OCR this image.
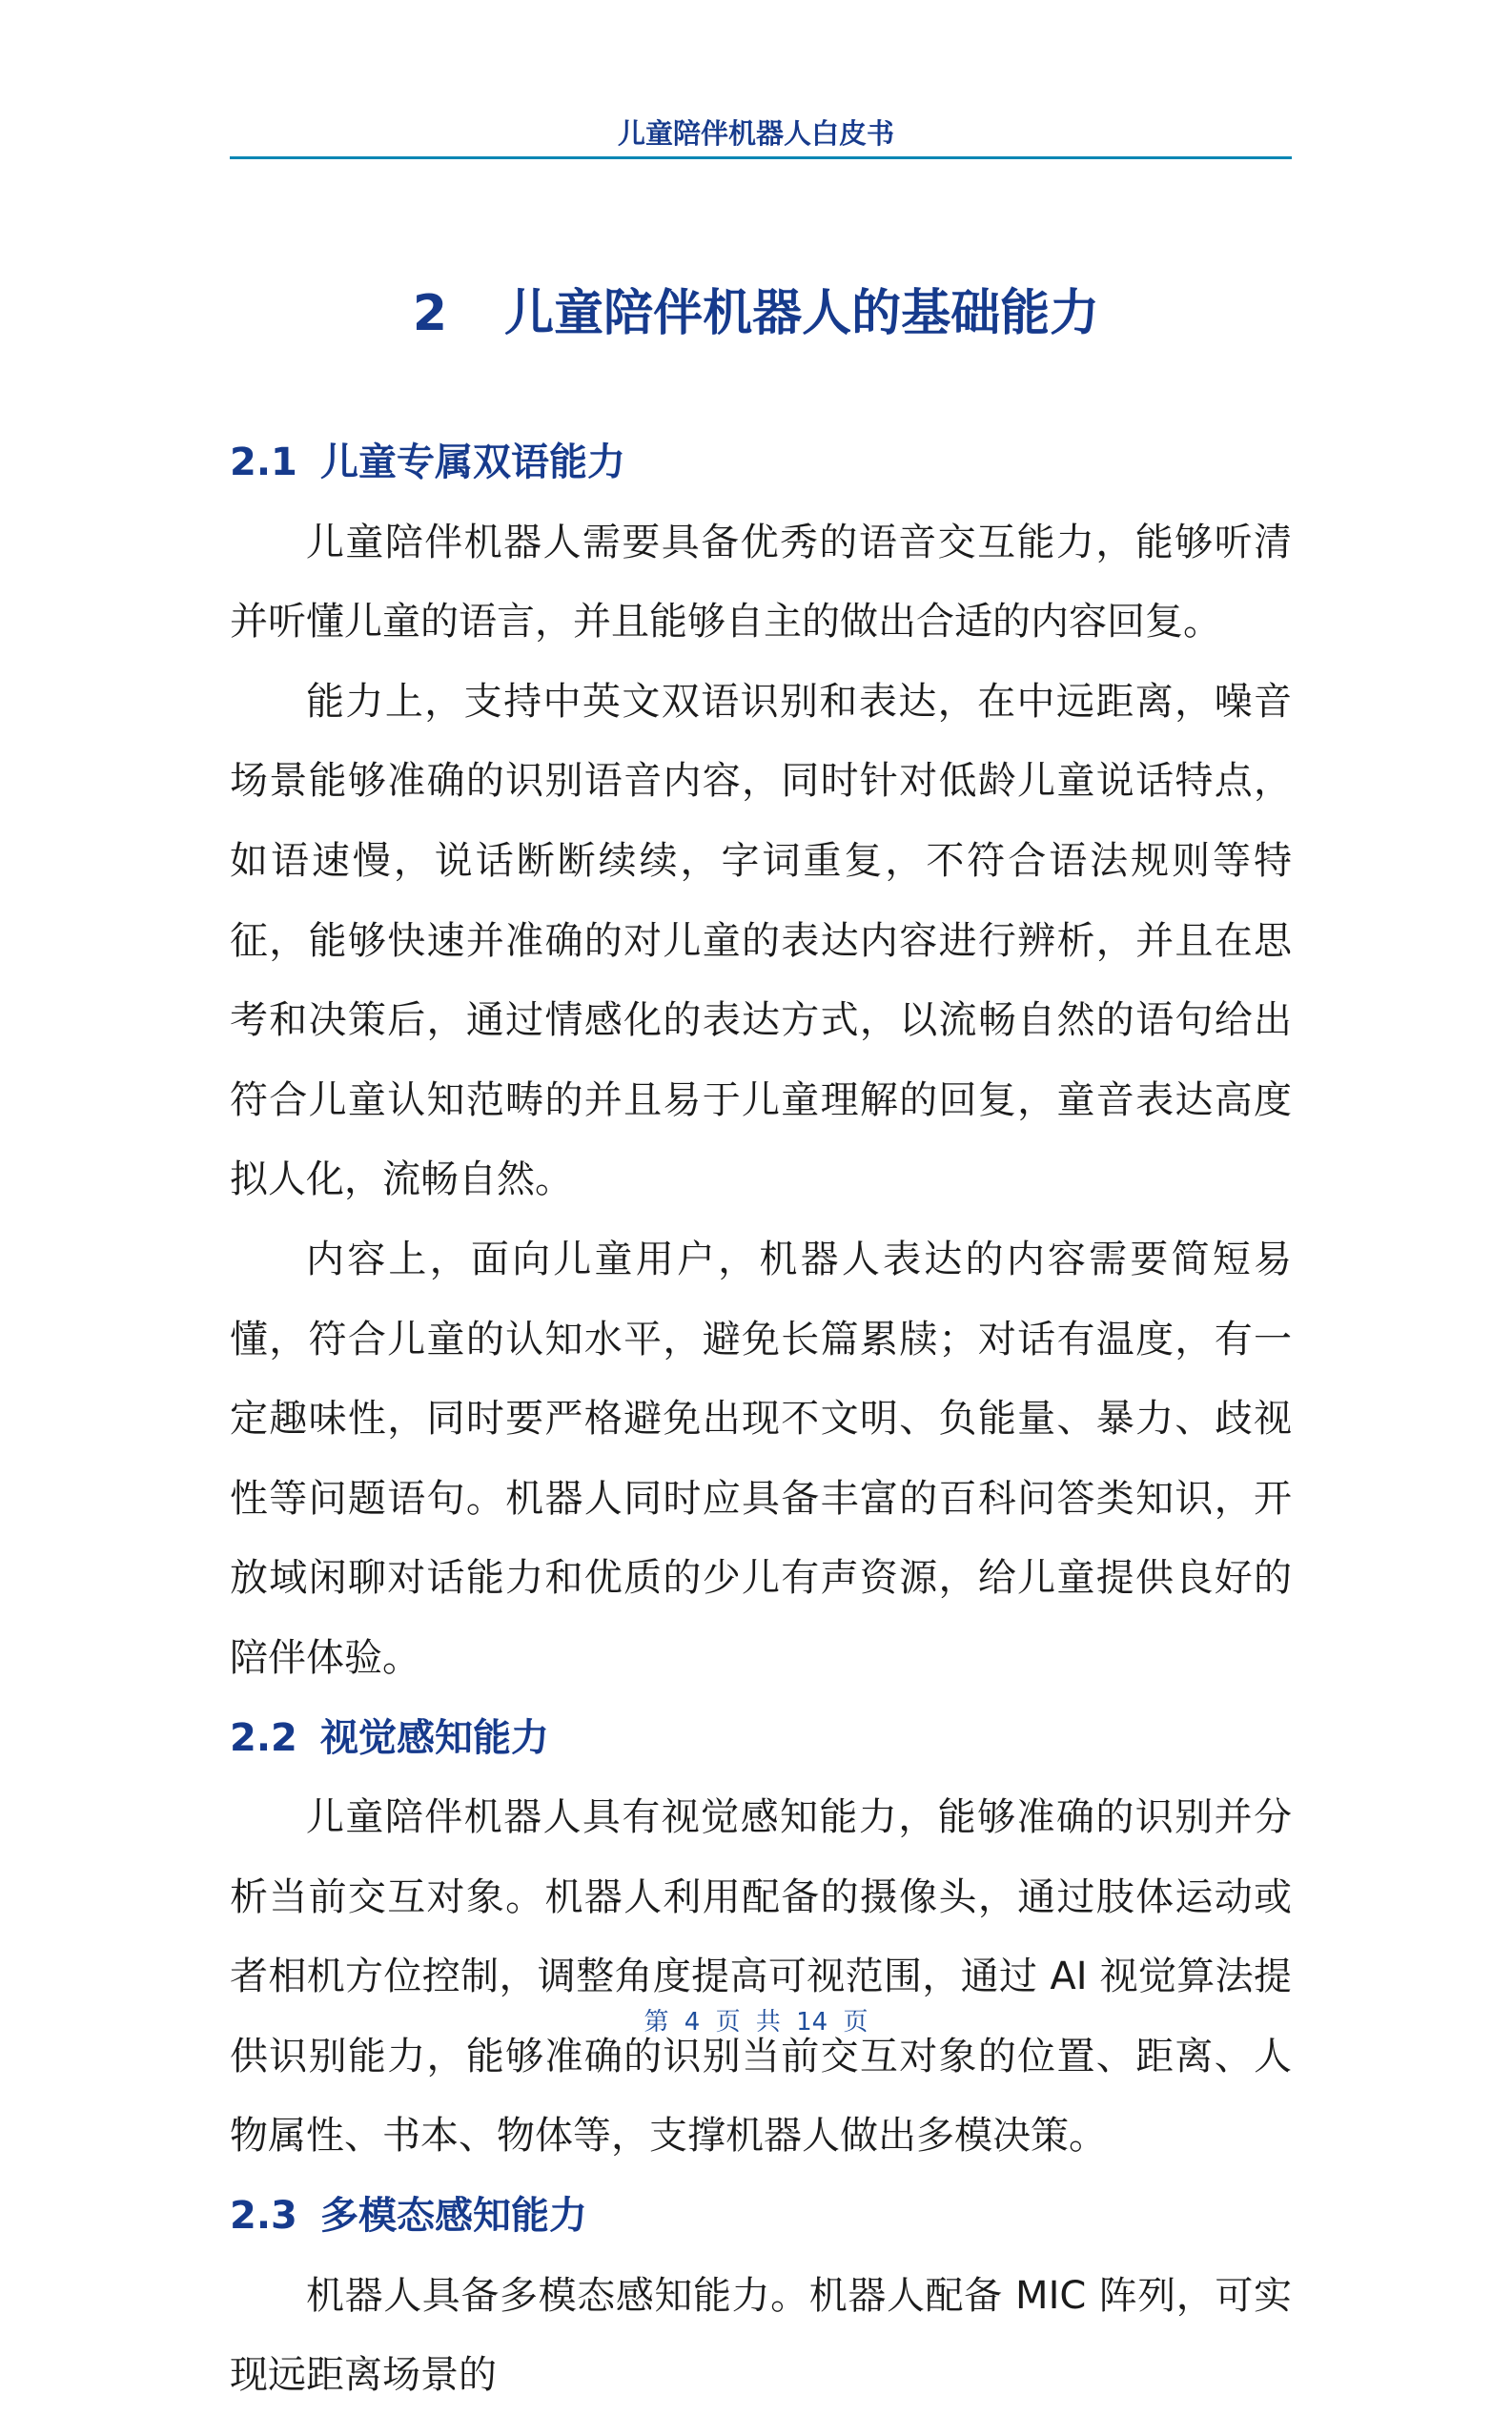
儿童陪伴机器人白皮书
2 儿童陪伴机器人的基础能力
2.1 儿童专属双语能力

儿童陪伴机器人需要具备优秀的语音交互能力，能够听清并听懂儿童的语言，并且能够自主的做出合适的内容回复。

能力上，支持中英文双语识别和表达，在中远距离，噪音场景能够准确的识别语音内容，同时针对低龄儿童说话特点，如语速慢，说话断断续续，字词重复，不符合语法规则等特征，能够快速并准确的对儿童的表达内容进行辨析，并且在思考和决策后，通过情感化的表达方式，以流畅自然的语句给出符合儿童认知范畴的并且易于儿童理解的回复，童音表达高度拟人化，流畅自然。

内容上，面向儿童用户，机器人表达的内容需要简短易懂，符合儿童的认知水平，避免长篇累牍；对话有温度，有一定趣味性，同时要严格避免出现不文明、负能量、暴力、歧视性等问题语句。机器人同时应具备丰富的百科问答类知识，开放域闲聊对话能力和优质的少儿有声资源，给儿童提供良好的陪伴体验。

2.2 视觉感知能力

儿童陪伴机器人具有视觉感知能力，能够准确的识别并分析当前交互对象。机器人利用配备的摄像头，通过肢体运动或者相机方位控制，调整角度提高可视范围，通过 AI 视觉算法提供识别能力，能够准确的识别当前交互对象的位置、距离、人物属性、书本、物体等，支撑机器人做出多模决策。

2.3 多模态感知能力

机器人具备多模态感知能力。机器人配备 MIC 阵列，可实现远距离场景的

第 4 页 共 14 页
